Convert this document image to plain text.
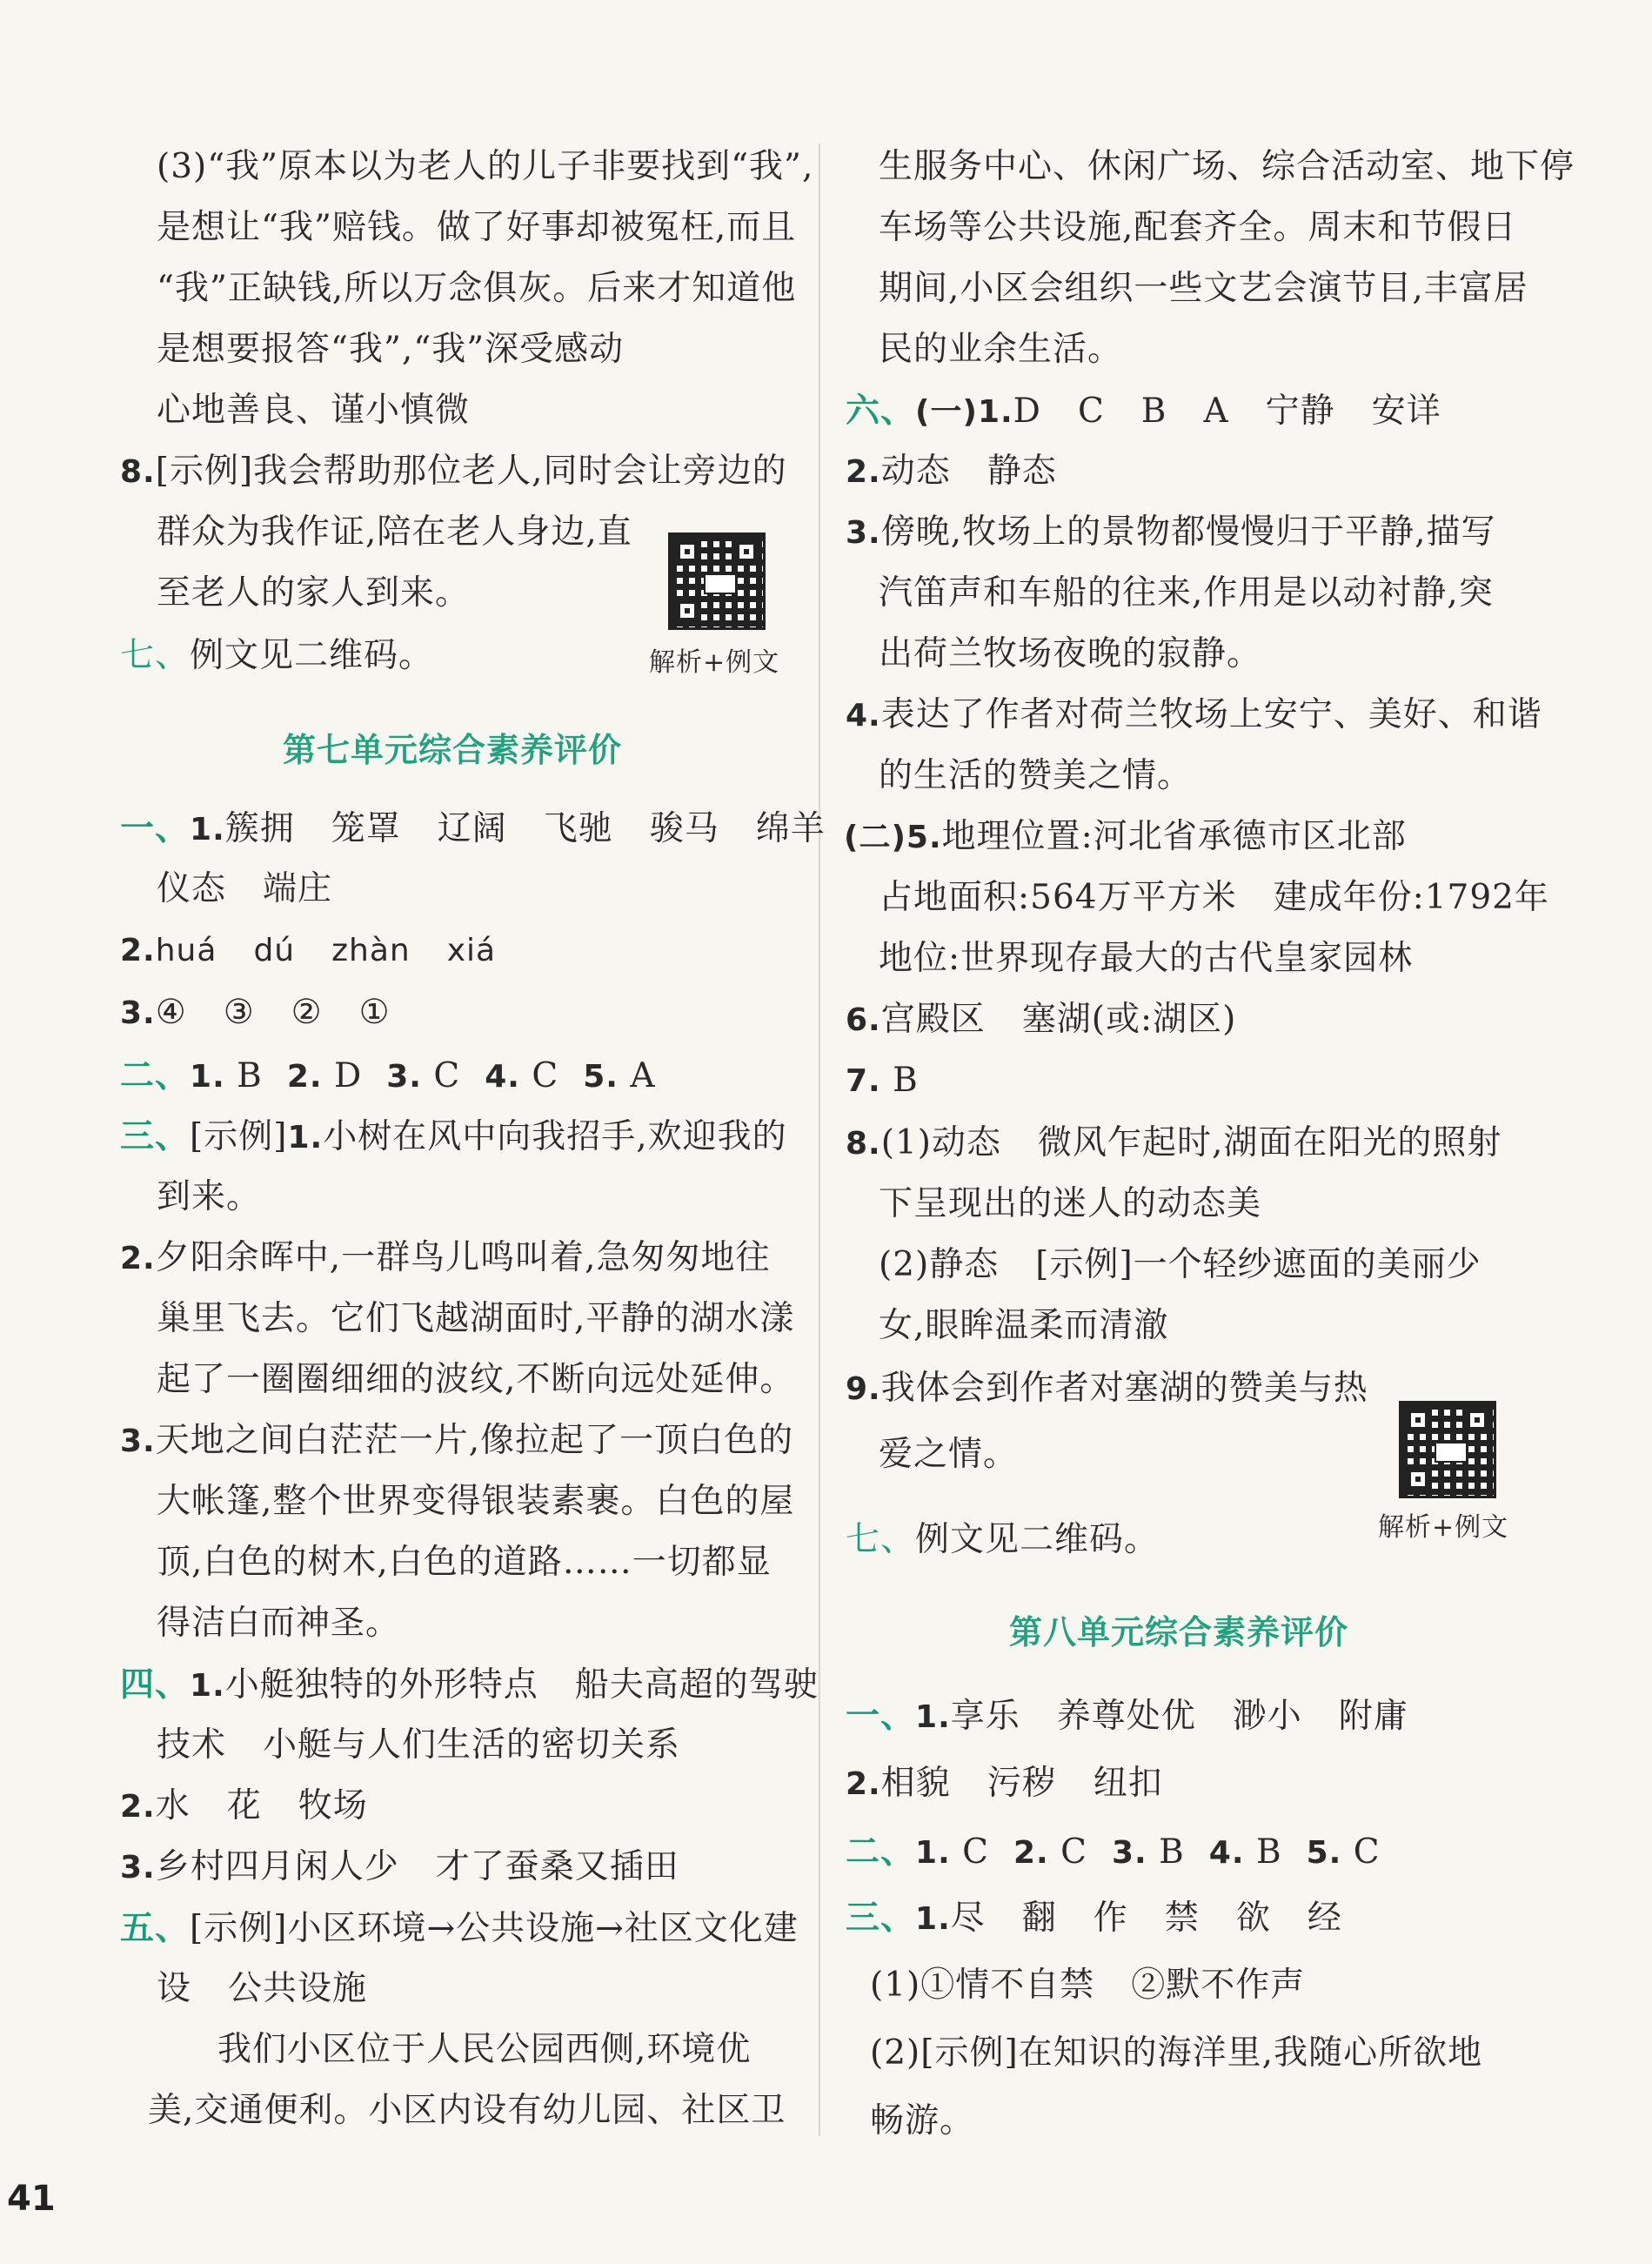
(3)“我”原本以为老人的儿子非要找到“我”,
是想让“我”赔钱。做了好事却被冤枉,而且
“我”正缺钱,所以万念俱灰。后来才知道他
是想要报答“我”,“我”深受感动
心地善良、谨小慎微
8.[示例]我会帮助那位老人,同时会让旁边的
群众为我作证,陪在老人身边,直
至老人的家人到来。
解析+例文
七、例文见二维码。
第七单元综合素养评价
一、1.簇拥 笼罩 辽阔 飞驰 骏马 绵羊
仪态 端庄
2.huá dú zhàn xiá
3.④ ③ ② ①
二、1. B 2. D 3. C 4. C 5. A
三、[示例]1.小树在风中向我招手,欢迎我的
到来。
2.夕阳余晖中,一群鸟儿鸣叫着,急匆匆地往
巢里飞去。它们飞越湖面时,平静的湖水漾
起了一圈圈细细的波纹,不断向远处延伸。
3.天地之间白茫茫一片,像拉起了一顶白色的
大帐篷,整个世界变得银装素裹。白色的屋
顶,白色的树木,白色的道路……一切都显
得洁白而神圣。
四、1.小艇独特的外形特点 船夫高超的驾驶
技术 小艇与人们生活的密切关系
2.水 花 牧场
3.乡村四月闲人少 才了蚕桑又插田
五、[示例]小区环境→公共设施→社区文化建
设 公共设施
我们小区位于人民公园西侧,环境优
美,交通便利。小区内设有幼儿园、社区卫
生服务中心、休闲广场、综合活动室、地下停
车场等公共设施,配套齐全。周末和节假日
期间,小区会组织一些文艺会演节目,丰富居
民的业余生活。
六、(一)1.D C B A 宁静 安详
2.动态 静态
3.傍晚,牧场上的景物都慢慢归于平静,描写
汽笛声和车船的往来,作用是以动衬静,突
出荷兰牧场夜晚的寂静。
4.表达了作者对荷兰牧场上安宁、美好、和谐
的生活的赞美之情。
(二)5.地理位置:河北省承德市区北部
占地面积:564万平方米 建成年份:1792年
地位:世界现存最大的古代皇家园林
6.宫殿区 塞湖(或:湖区)
7. B
8.(1)动态 微风乍起时,湖面在阳光的照射
下呈现出的迷人的动态美
(2)静态 [示例]一个轻纱遮面的美丽少
女,眼眸温柔而清澈
9.我体会到作者对塞湖的赞美与热
爱之情。
解析+例文
七、例文见二维码。
第八单元综合素养评价
一、1.享乐 养尊处优 渺小 附庸
2.相貌 污秽 纽扣
二、1. C 2. C 3. B 4. B 5. C
三、1.尽 翻 作 禁 欲 经
(1)①情不自禁 ②默不作声
(2)[示例]在知识的海洋里,我随心所欲地
畅游。
41
